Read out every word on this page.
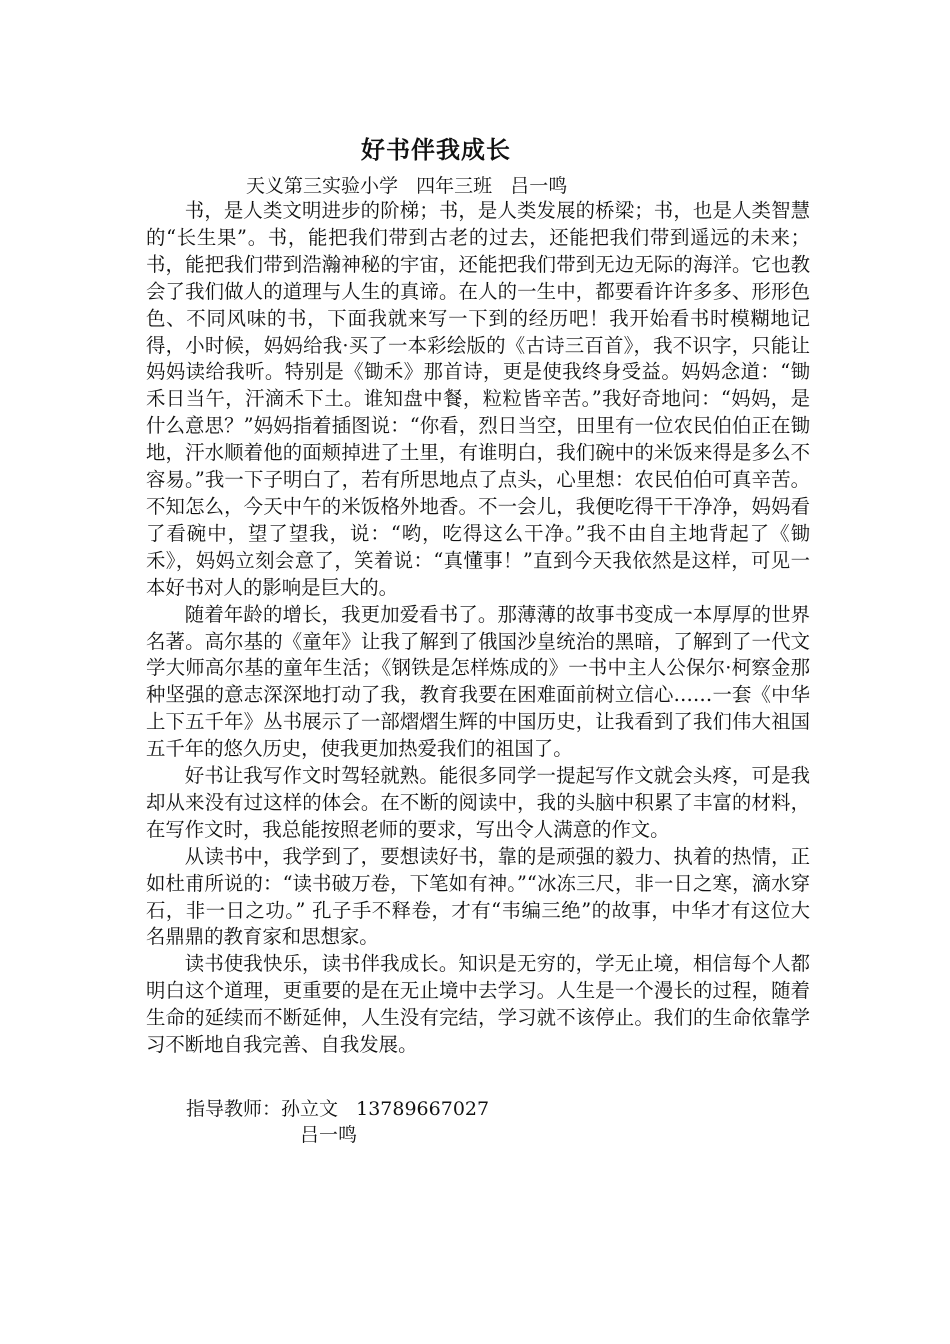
好书伴我成长
天义第三实验小学   四年三班   吕一鸣

书，是人类文明进步的阶梯；书，是人类发展的桥梁；书，也是人类智慧的“长生果”。书，能把我们带到古老的过去，还能把我们带到遥远的未来；书，能把我们带到浩瀚神秘的宇宙，还能把我们带到无边无际的海洋。它也教会了我们做人的道理与人生的真谛。在人的一生中，都要看许许多多、形形色色、不同风味的书，下面我就来写一下到的经历吧！我开始看书时模糊地记得，小时候，妈妈给我·买了一本彩绘版的《古诗三百首》，我不识字，只能让妈妈读给我听。特别是《锄禾》那首诗，更是使我终身受益。妈妈念道：“锄禾日当午，汗滴禾下土。谁知盘中餐，粒粒皆辛苦。”我好奇地问：“妈妈，是什么意思？”妈妈指着插图说：“你看，烈日当空，田里有一位农民伯伯正在锄地，汗水顺着他的面颊掉进了土里，有谁明白，我们碗中的米饭来得是多么不容易。”我一下子明白了，若有所思地点了点头，心里想：农民伯伯可真辛苦。不知怎么，今天中午的米饭格外地香。不一会儿，我便吃得干干净净，妈妈看了看碗中，望了望我，说：“哟，吃得这么干净。”我不由自主地背起了《锄禾》，妈妈立刻会意了，笑着说：“真懂事！”直到今天我依然是这样，可见一本好书对人的影响是巨大的。

随着年龄的增长，我更加爱看书了。那薄薄的故事书变成一本厚厚的世界名著。高尔基的《童年》让我了解到了俄国沙皇统治的黑暗，了解到了一代文学大师高尔基的童年生活；《钢铁是怎样炼成的》一书中主人公保尔·柯察金那种坚强的意志深深地打动了我，教育我要在困难面前树立信心……一套《中华上下五千年》丛书展示了一部熠熠生辉的中国历史，让我看到了我们伟大祖国五千年的悠久历史，使我更加热爱我们的祖国了。

好书让我写作文时驾轻就熟。能很多同学一提起写作文就会头疼，可是我却从来没有过这样的体会。在不断的阅读中，我的头脑中积累了丰富的材料，在写作文时，我总能按照老师的要求，写出令人满意的作文。

从读书中，我学到了，要想读好书，靠的是顽强的毅力、执着的热情，正如杜甫所说的：“读书破万卷，下笔如有神。”“冰冻三尺，非一日之寒，滴水穿石，非一日之功。” 孔子手不释卷，才有“韦编三绝”的故事，中华才有这位大名鼎鼎的教育家和思想家。

读书使我快乐，读书伴我成长。知识是无穷的，学无止境，相信每个人都明白这个道理，更重要的是在无止境中去学习。人生是一个漫长的过程，随着生命的延续而不断延伸，人生没有完结，学习就不该停止。我们的生命依靠学习不断地自我完善、自我发展。

指导教师：孙立文   13789667027
吕一鸣
